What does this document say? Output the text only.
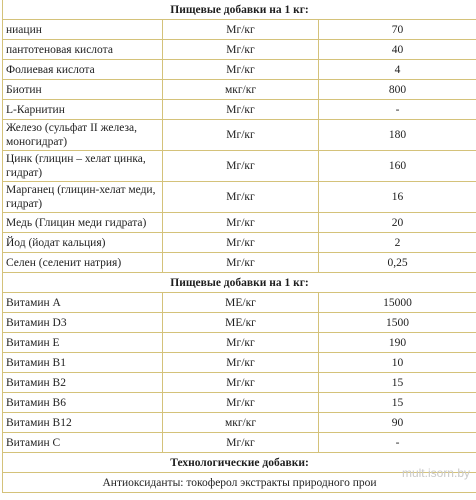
Пищевые добавки на 1 кг:		
ниацин	Мг/кг	70
пантотеновая кислота	Мг/кг	40
Фолиевая кислота	Мг/кг	4
Биотин	мкг/кг	800
L-Карнитин	Мг/кг	-
Железо (сульфат II железа, моногидрат)	Мг/кг	180
Цинк (глицин – хелат цинка, гидрат)	Мг/кг	160
Марганец (глицин-хелат меди, гидрат)	Мг/кг	16
Медь (Глицин меди гидрата)	Мг/кг	20
Йод (йодат кальция)	Мг/кг	2
Селен (селенит натрия)	Мг/кг	0,25
Пищевые добавки на 1 кг:		
Витамин A	МЕ/кг	15000
Витамин D3	МЕ/кг	1500
Витамин E	Мг/кг	190
Витамин B1	Мг/кг	10
Витамин B2	Мг/кг	15
Витамин B6	Мг/кг	15
Витамин B12	мкг/кг	90
Витамин C	Мг/кг	-
Технологические добавки:		
Антиоксиданты: токоферол экстракты природного прои		
mult.isorn.by
